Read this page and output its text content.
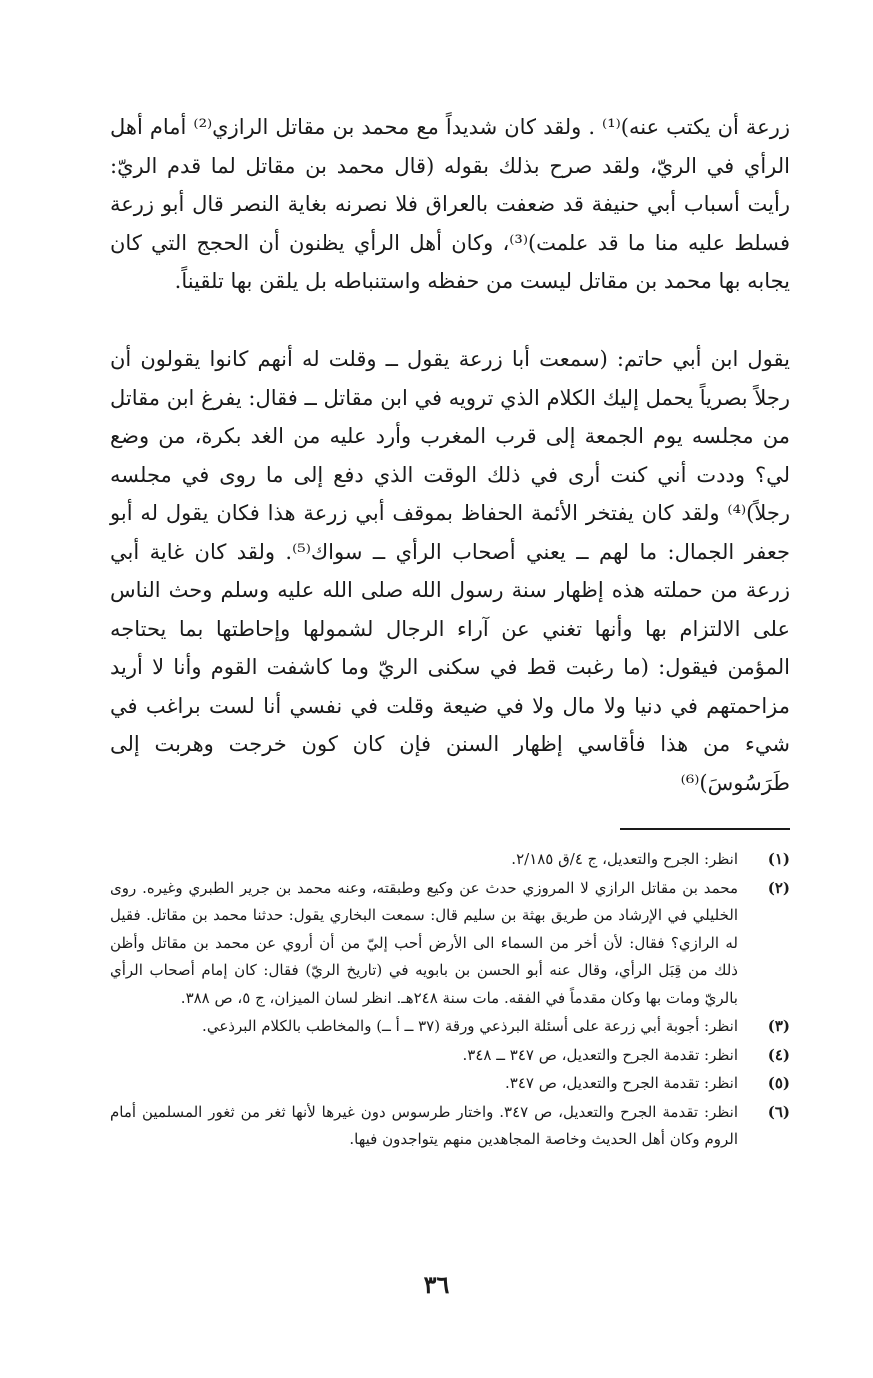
زرعة أن يكتب عنه)⁽¹⁾ . ولقد كان شديداً مع محمد بن مقاتل الرازي⁽²⁾ أمام أهل الرأي في الريّ، ولقد صرح بذلك بقوله (قال محمد بن مقاتل لما قدم الريّ: رأيت أسباب أبي حنيفة قد ضعفت بالعراق فلا نصرنه بغاية النصر قال أبو زرعة فسلط عليه منا ما قد علمت)⁽³⁾، وكان أهل الرأي يظنون أن الحجج التي كان يجابه بها محمد بن مقاتل ليست من حفظه واستنباطه بل يلقن بها تلقيناً.

يقول ابن أبي حاتم: (سمعت أبا زرعة يقول ــ وقلت له أنهم كانوا يقولون أن رجلاً بصرياً يحمل إليك الكلام الذي ترويه في ابن مقاتل ــ فقال: يفرغ ابن مقاتل من مجلسه يوم الجمعة إلى قرب المغرب وأرد عليه من الغد بكرة، من وضع لي؟ وددت أني كنت أرى في ذلك الوقت الذي دفع إلى ما روى في مجلسه رجلاً)⁽⁴⁾ ولقد كان يفتخر الأئمة الحفاظ بموقف أبي زرعة هذا فكان يقول له أبو جعفر الجمال: ما لهم ــ يعني أصحاب الرأي ــ سواك⁽⁵⁾. ولقد كان غاية أبي زرعة من حملته هذه إظهار سنة رسول الله صلى الله عليه وسلم وحث الناس على الالتزام بها وأنها تغني عن آراء الرجال لشمولها وإحاطتها بما يحتاجه المؤمن فيقول: (ما رغبت قط في سكنى الريّ وما كاشفت القوم وأنا لا أريد مزاحمتهم في دنيا ولا مال ولا في ضيعة وقلت في نفسي أنا لست براغب في شيء من هذا فأقاسي إظهار السنن فإن كان كون خرجت وهربت إلى طَرَسُوسَ)⁽⁶⁾

(١)
انظر: الجرح والتعديل، ج ٤/ق ٢/١٨٥.
(٢)
محمد بن مقاتل الرازي لا المروزي حدث عن وكيع وطبقته، وعنه محمد بن جرير الطبري وغيره. روى الخليلي في الإرشاد من طريق بهثة بن سليم قال: سمعت البخاري يقول: حدثنا محمد بن مقاتل. فقيل له الرازي؟ فقال: لأن أخر من السماء الى الأرض أحب إليّ من أن أروي عن محمد بن مقاتل وأظن ذلك من قِبَل الرأي، وقال عنه أبو الحسن بن بابويه في (تاريخ الريّ) فقال: كان إمام أصحاب الرأي بالريّ ومات بها وكان مقدماً في الفقه. مات سنة ٢٤٨هـ. انظر لسان الميزان، ج ٥، ص ٣٨٨.
(٣)
انظر: أجوبة أبي زرعة على أسئلة البرذعي ورقة (٣٧ ــ أ ــ) والمخاطب بالكلام البرذعي.
(٤)
انظر: تقدمة الجرح والتعديل، ص ٣٤٧ ــ ٣٤٨.
(٥)
انظر: تقدمة الجرح والتعديل، ص ٣٤٧.
(٦)
انظر: تقدمة الجرح والتعديل، ص ٣٤٧. واختار طرسوس دون غيرها لأنها ثغر من ثغور المسلمين أمام الروم وكان أهل الحديث وخاصة المجاهدين منهم يتواجدون فيها.
٣٦
